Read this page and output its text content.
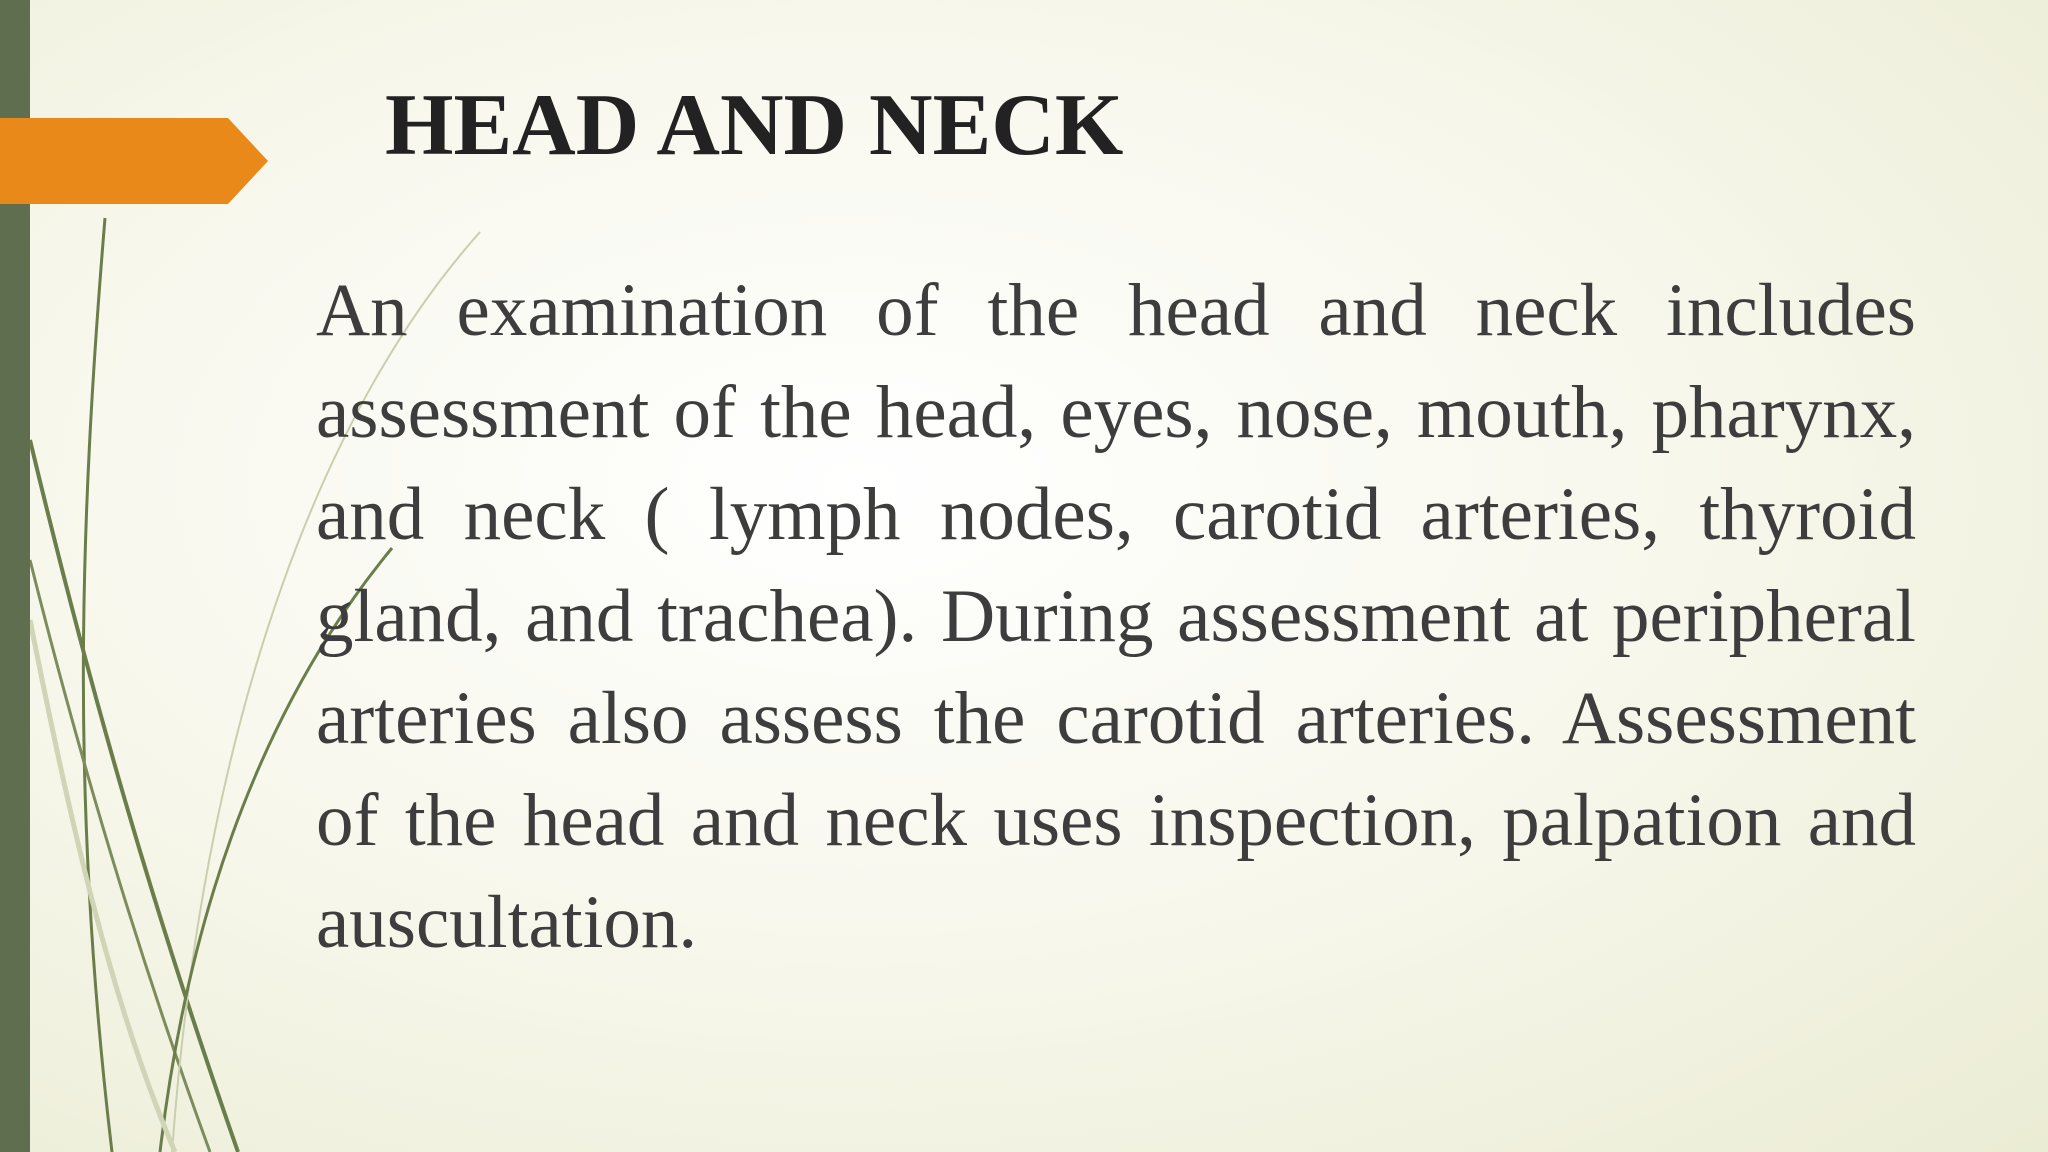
HEAD AND NECK

An examination of the head and neck includes assessment of the head, eyes, nose, mouth, pharynx, and neck ( lymph nodes, carotid arteries, thyroid gland, and trachea). During assessment at peripheral arteries also assess the carotid arteries. Assessment of the head and neck uses inspection, palpation and auscultation.
